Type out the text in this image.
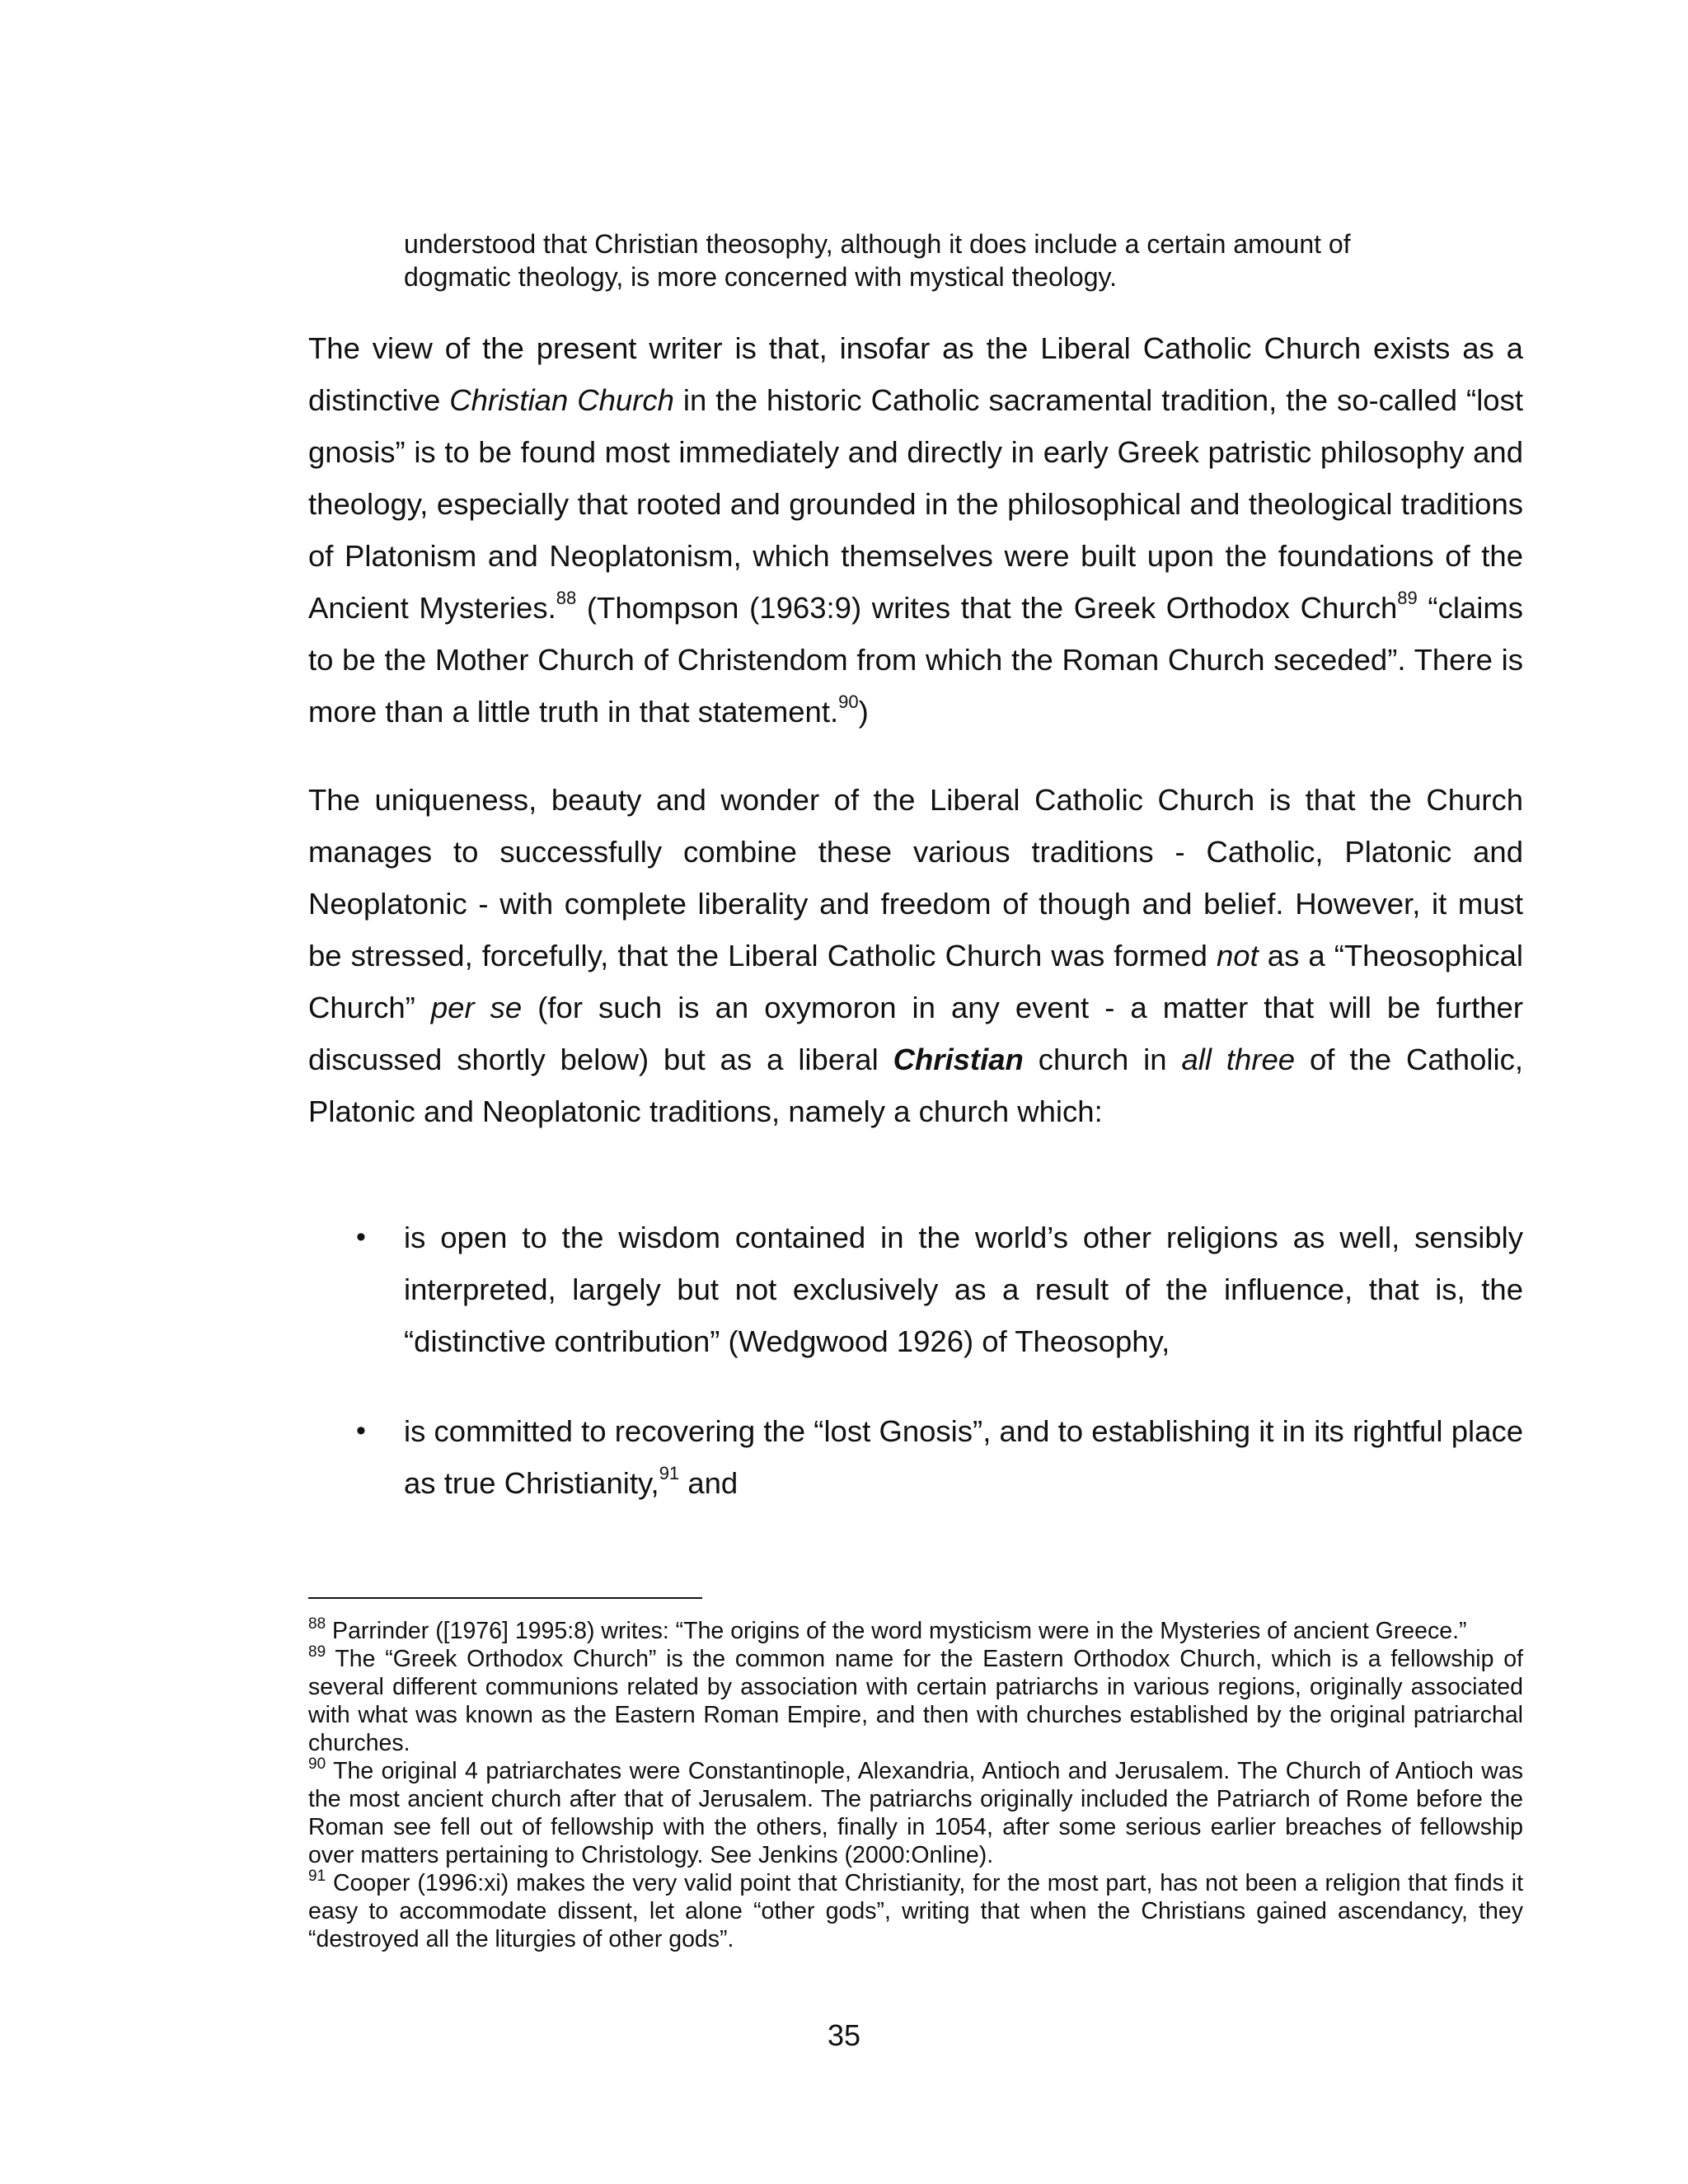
understood that Christian theosophy, although it does include a certain amount of dogmatic theology, is more concerned with mystical theology.
The view of the present writer is that, insofar as the Liberal Catholic Church exists as a distinctive Christian Church in the historic Catholic sacramental tradition, the so-called “lost gnosis” is to be found most immediately and directly in early Greek patristic philosophy and theology, especially that rooted and grounded in the philosophical and theological traditions of Platonism and Neoplatonism, which themselves were built upon the foundations of the Ancient Mysteries.$^{88}$ (Thompson (1963:9) writes that the Greek Orthodox Church$^{89}$ “claims to be the Mother Church of Christendom from which the Roman Church seceded”. There is more than a little truth in that statement.$^{90}$)
The uniqueness, beauty and wonder of the Liberal Catholic Church is that the Church manages to successfully combine these various traditions - Catholic, Platonic and Neoplatonic - with complete liberality and freedom of though and belief. However, it must be stressed, forcefully, that the Liberal Catholic Church was formed not as a “Theosophical Church” per se (for such is an oxymoron in any event - a matter that will be further discussed shortly below) but as a liberal Christian church in all three of the Catholic, Platonic and Neoplatonic traditions, namely a church which:
• is open to the wisdom contained in the world’s other religions as well, sensibly interpreted, largely but not exclusively as a result of the influence, that is, the “distinctive contribution” (Wedgwood 1926) of Theosophy,
• is committed to recovering the “lost Gnosis”, and to establishing it in its rightful place as true Christianity,$^{91}$ and
$^{88}$ Parrinder ([1976] 1995:8) writes: “The origins of the word mysticism were in the Mysteries of ancient Greece.”
$^{89}$ The “Greek Orthodox Church” is the common name for the Eastern Orthodox Church, which is a fellowship of several different communions related by association with certain patriarchs in various regions, originally associated with what was known as the Eastern Roman Empire, and then with churches established by the original patriarchal churches.
$^{90}$ The original 4 patriarchates were Constantinople, Alexandria, Antioch and Jerusalem. The Church of Antioch was the most ancient church after that of Jerusalem. The patriarchs originally included the Patriarch of Rome before the Roman see fell out of fellowship with the others, finally in 1054, after some serious earlier breaches of fellowship over matters pertaining to Christology. See Jenkins (2000:Online).
$^{91}$ Cooper (1996:xi) makes the very valid point that Christianity, for the most part, has not been a religion that finds it easy to accommodate dissent, let alone “other gods”, writing that when the Christians gained ascendancy, they “destroyed all the liturgies of other gods”.
35
